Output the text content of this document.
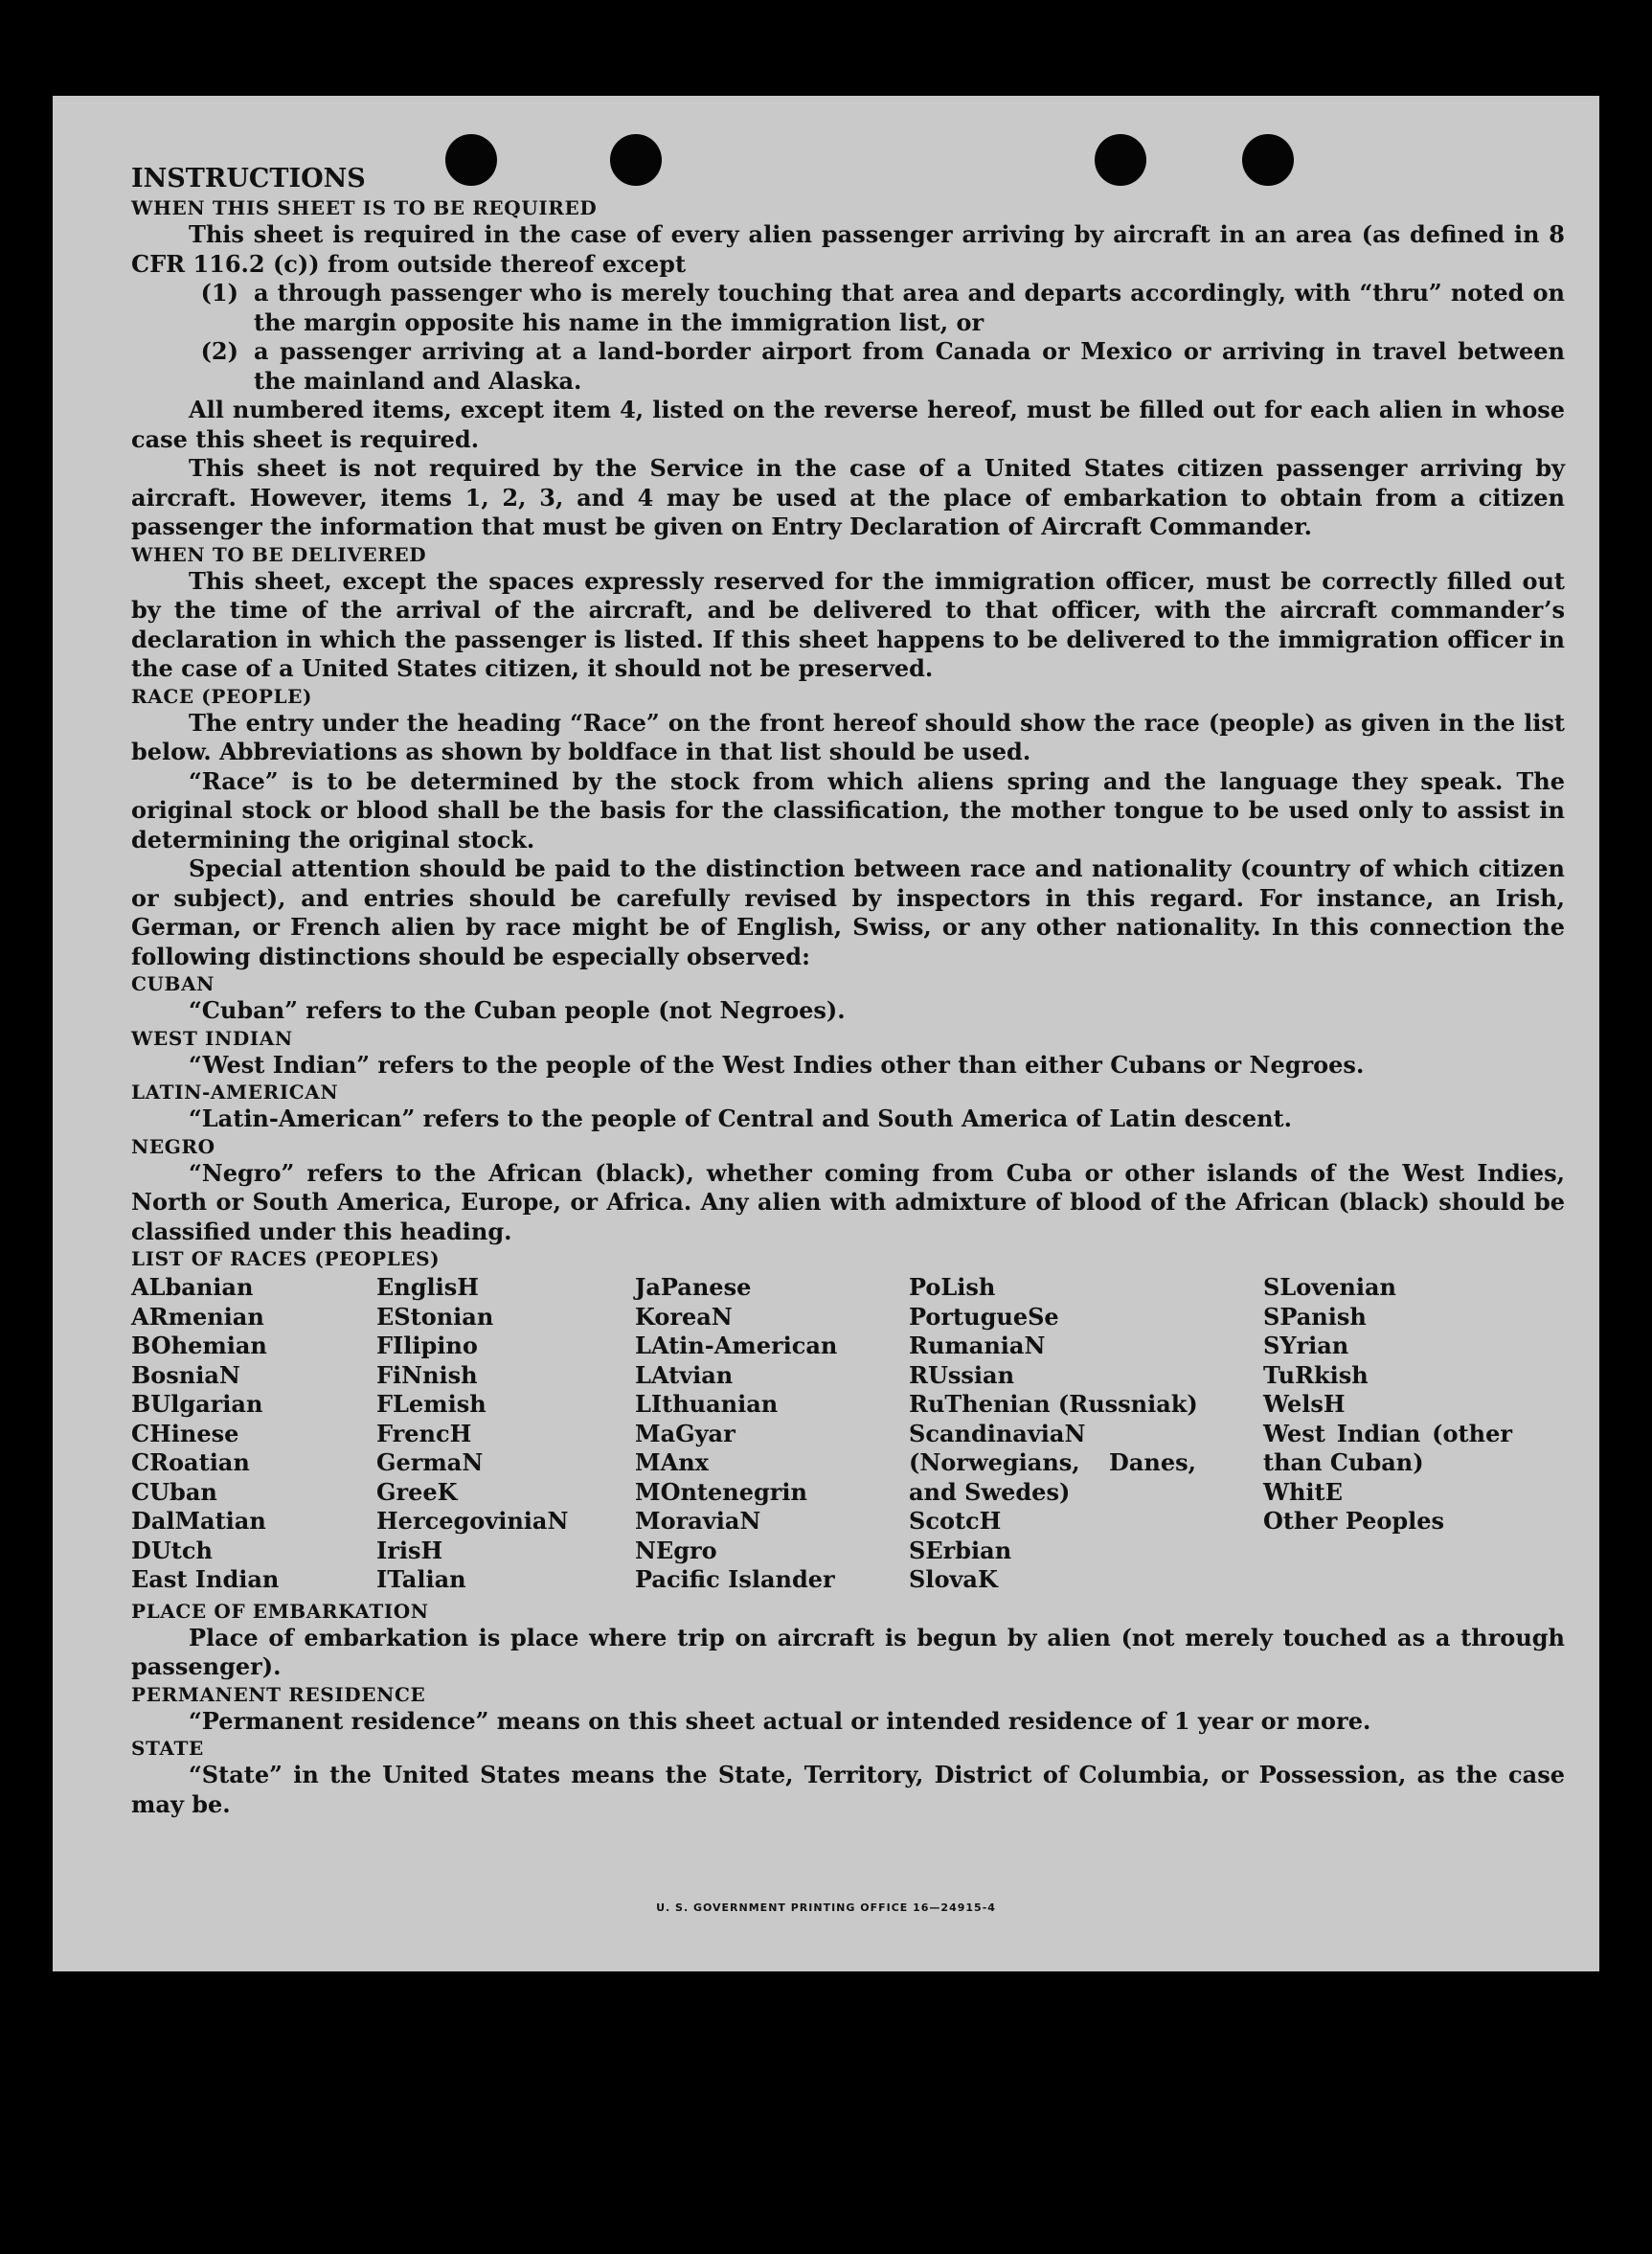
INSTRUCTIONS

WHEN THIS SHEET IS TO BE REQUIRED

This sheet is required in the case of every alien passenger arriving by aircraft in an area (as defined in 8 CFR 116.2 (c)) from outside thereof except

(1) a through passenger who is merely touching that area and departs accordingly, with “thru” noted on the margin opposite his name in the immigration list, or
(2) a passenger arriving at a land-border airport from Canada or Mexico or arriving in travel between the mainland and Alaska.

All numbered items, except item 4, listed on the reverse hereof, must be filled out for each alien in whose case this sheet is required.

This sheet is not required by the Service in the case of a United States citizen passenger arriving by aircraft. However, items 1, 2, 3, and 4 may be used at the place of embarkation to obtain from a citizen passenger the information that must be given on Entry Declaration of Aircraft Commander.

WHEN TO BE DELIVERED

This sheet, except the spaces expressly reserved for the immigration officer, must be correctly filled out by the time of the arrival of the aircraft, and be delivered to that officer, with the aircraft commander’s declaration in which the passenger is listed. If this sheet happens to be delivered to the immigration officer in the case of a United States citizen, it should not be preserved.

RACE (PEOPLE)

The entry under the heading “Race” on the front hereof should show the race (people) as given in the list below. Abbreviations as shown by boldface in that list should be used.

“Race” is to be determined by the stock from which aliens spring and the language they speak. The original stock or blood shall be the basis for the classification, the mother tongue to be used only to assist in determining the original stock.

Special attention should be paid to the distinction between race and nationality (country of which citizen or subject), and entries should be carefully revised by inspectors in this regard. For instance, an Irish, German, or French alien by race might be of English, Swiss, or any other nationality. In this connection the following distinctions should be especially observed:

CUBAN

“Cuban” refers to the Cuban people (not Negroes).

WEST INDIAN

“West Indian” refers to the people of the West Indies other than either Cubans or Negroes.

LATIN-AMERICAN

“Latin-American” refers to the people of Central and South America of Latin descent.

NEGRO

“Negro” refers to the African (black), whether coming from Cuba or other islands of the West Indies, North or South America, Europe, or Africa. Any alien with admixture of blood of the African (black) should be classified under this heading.

LIST OF RACES (PEOPLES)

ALbanian
ARmenian
BOhemian
BosniaN
BUlgarian
CHinese
CRoatian
CUban
DalMatian
DUtch
East Indian
EnglisH
EStonian
FIlipino
FiNnish
FLemish
FrencH
GermaN
GreeK
HercegoviniaN
IrisH
ITalian
JaPanese
KoreaN
LAtin-American
LAtvian
LIthuanian
MaGyar
MAnx
MOntenegrin
MoraviaN
NEgro
Pacific Islander
PoLish
PortugueSe
RumaniaN
RUssian
RuThenian (Russniak)
ScandinaviaN (Norwegians, Danes, and Swedes)
ScotcH
SErbian
SlovaK
SLovenian
SPanish
SYrian
TuRkish
WelsH
West Indian (other than Cuban)
WhitE
Other Peoples

PLACE OF EMBARKATION

Place of embarkation is place where trip on aircraft is begun by alien (not merely touched as a through passenger).

PERMANENT RESIDENCE

“Permanent residence” means on this sheet actual or intended residence of 1 year or more.

STATE

“State” in the United States means the State, Territory, District of Columbia, or Possession, as the case may be.

U. S. GOVERNMENT PRINTING OFFICE 16—24915-4
